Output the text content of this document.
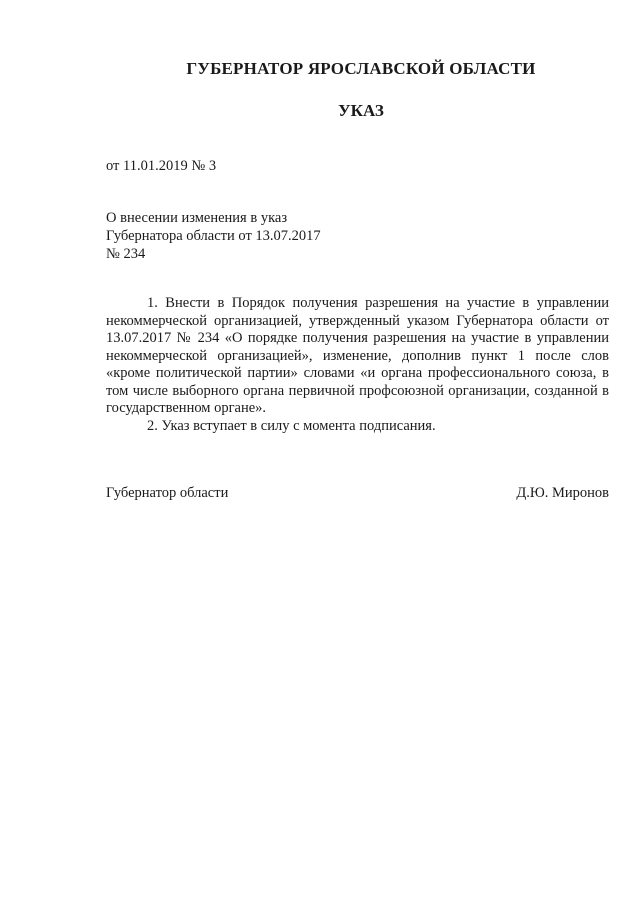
ГУБЕРНАТОР ЯРОСЛАВСКОЙ ОБЛАСТИ
УКАЗ
от 11.01.2019 № 3
О внесении изменения в указ
Губернатора области от 13.07.2017
№ 234

1. Внести в Порядок получения разрешения на участие в управлении некоммерческой организацией, утвержденный указом Губернатора области от 13.07.2017 № 234 «О порядке получения разрешения на участие в управлении некоммерческой организацией», изменение, дополнив пункт 1 после слов «кроме политической партии» словами «и органа профессионального союза, в том числе выборного органа первичной профсоюзной организации, созданной в государственном органе».

2. Указ вступает в силу с момента подписания.

Губернатор области	Д.Ю. Миронов
